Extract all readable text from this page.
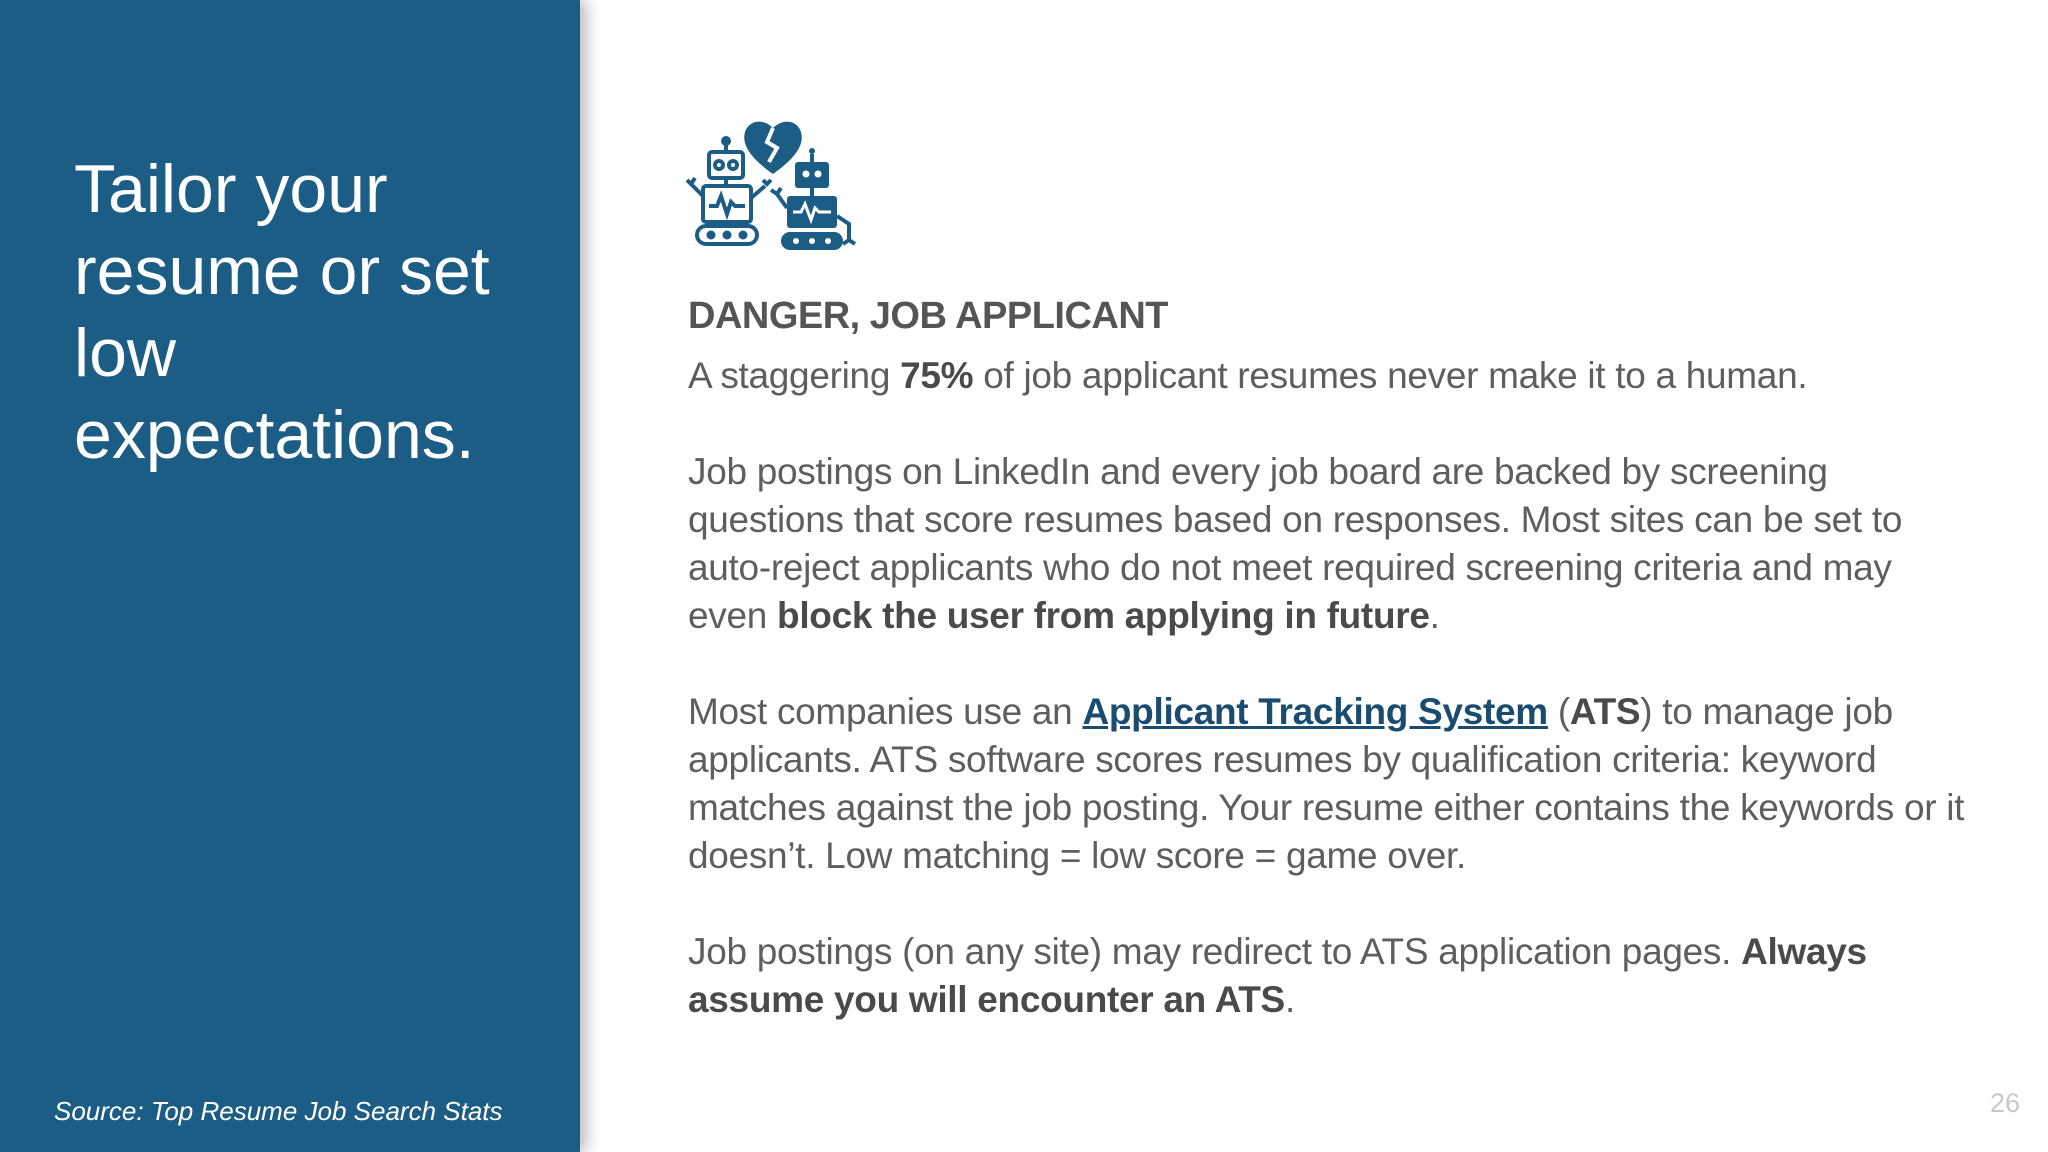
Tailor your resume or set low expectations.
Source: Top Resume Job Search Stats
DANGER, JOB APPLICANT

A staggering 75% of job applicant resumes never make it to a human.

Job postings on LinkedIn and every job board are backed by screening questions that score resumes based on responses. Most sites can be set to auto-reject applicants who do not meet required screening criteria and may even block the user from applying in future.

Most companies use an Applicant Tracking System (ATS) to manage job applicants. ATS software scores resumes by qualification criteria: keyword matches against the job posting. Your resume either contains the keywords or it doesn’t. Low matching = low score = game over.

Job postings (on any site) may redirect to ATS application pages. Always assume you will encounter an ATS.

26
